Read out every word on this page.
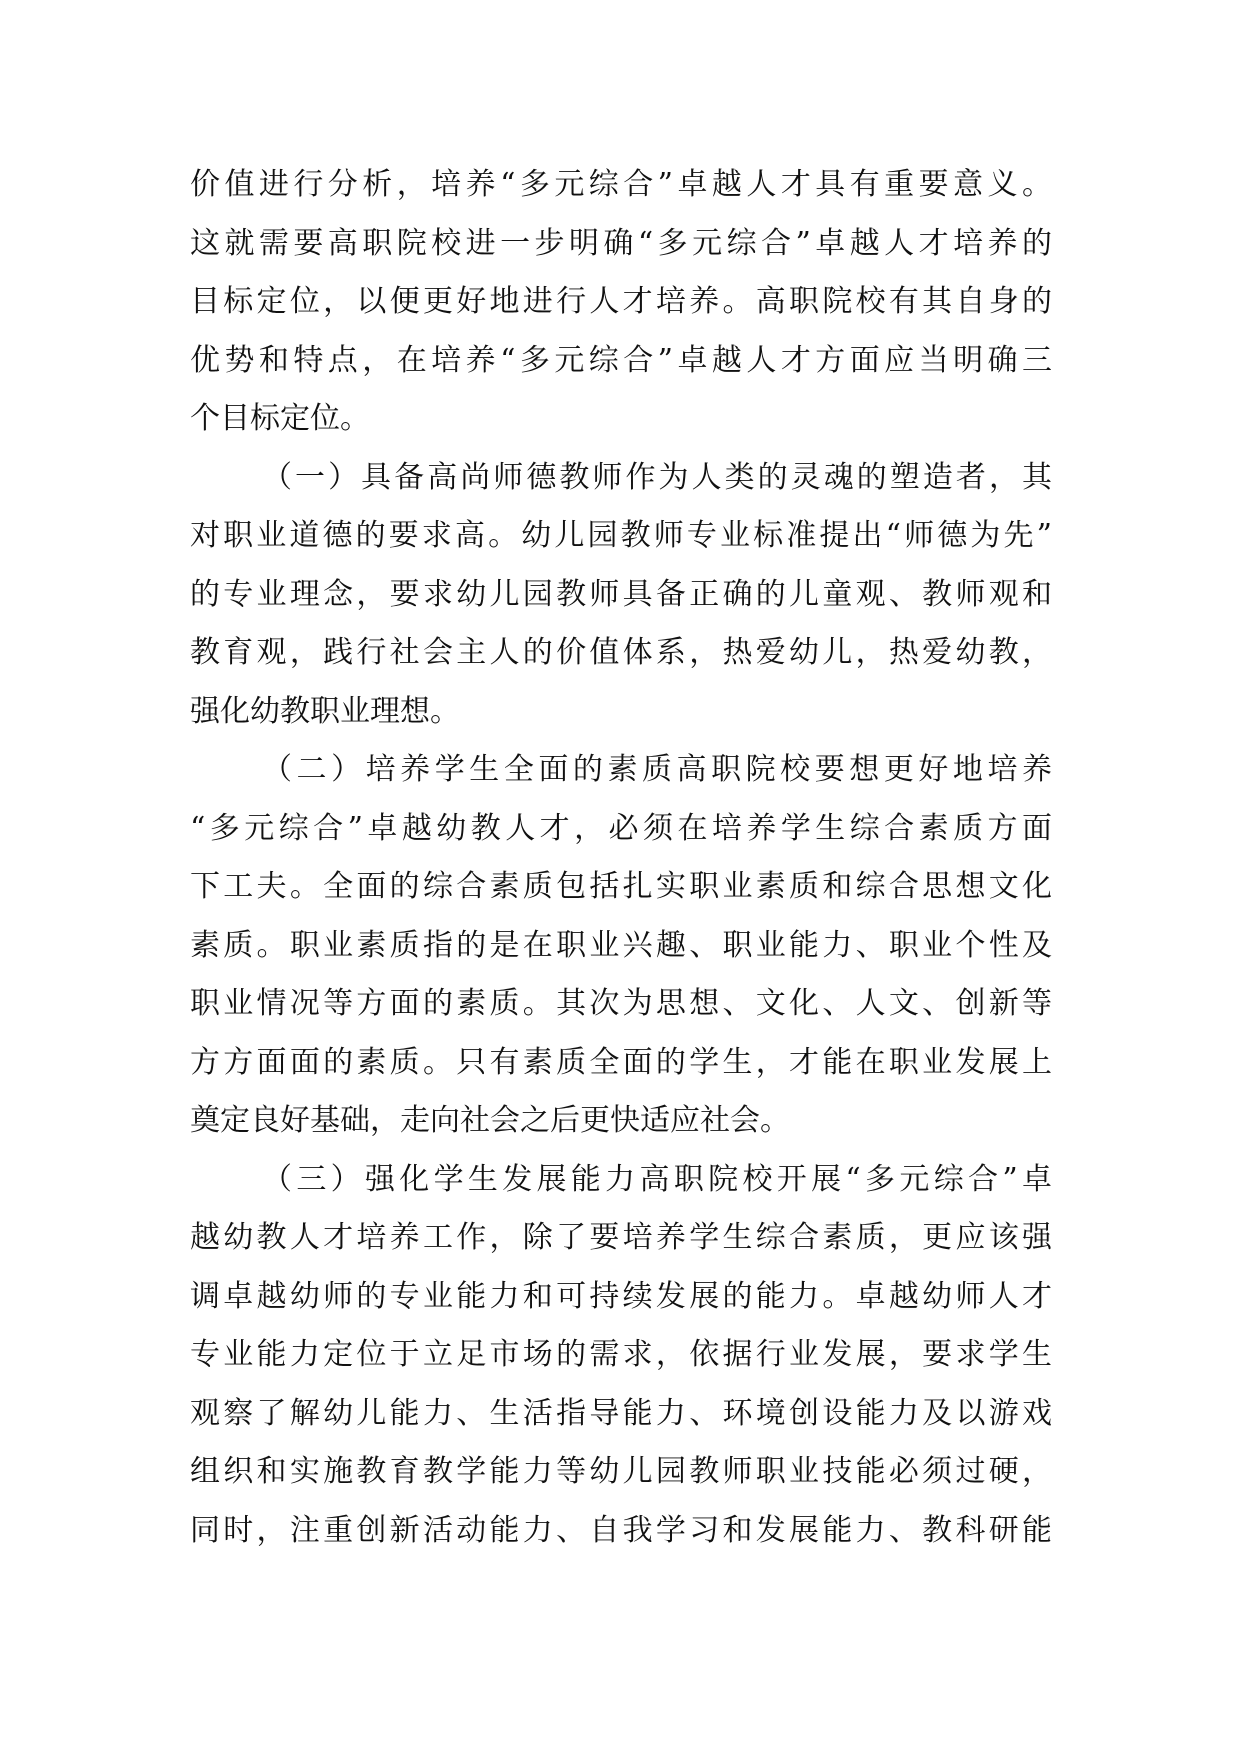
价值进行分析，培养“多元综合”卓越人才具有重要意义。
这就需要高职院校进一步明确“多元综合”卓越人才培养的
目标定位，以便更好地进行人才培养。高职院校有其自身的
优势和特点，在培养“多元综合”卓越人才方面应当明确三
个目标定位。
（一）具备高尚师德教师作为人类的灵魂的塑造者，其
对职业道德的要求高。幼儿园教师专业标准提出“师德为先”
的专业理念，要求幼儿园教师具备正确的儿童观、教师观和
教育观，践行社会主人的价值体系，热爱幼儿，热爱幼教，
强化幼教职业理想。
（二）培养学生全面的素质高职院校要想更好地培养
“多元综合”卓越幼教人才，必须在培养学生综合素质方面
下工夫。全面的综合素质包括扎实职业素质和综合思想文化
素质。职业素质指的是在职业兴趣、职业能力、职业个性及
职业情况等方面的素质。其次为思想、文化、人文、创新等
方方面面的素质。只有素质全面的学生，才能在职业发展上
奠定良好基础，走向社会之后更快适应社会。
（三）强化学生发展能力高职院校开展“多元综合”卓
越幼教人才培养工作，除了要培养学生综合素质，更应该强
调卓越幼师的专业能力和可持续发展的能力。卓越幼师人才
专业能力定位于立足市场的需求，依据行业发展，要求学生
观察了解幼儿能力、生活指导能力、环境创设能力及以游戏
组织和实施教育教学能力等幼儿园教师职业技能必须过硬，
同时，注重创新活动能力、自我学习和发展能力、教科研能
